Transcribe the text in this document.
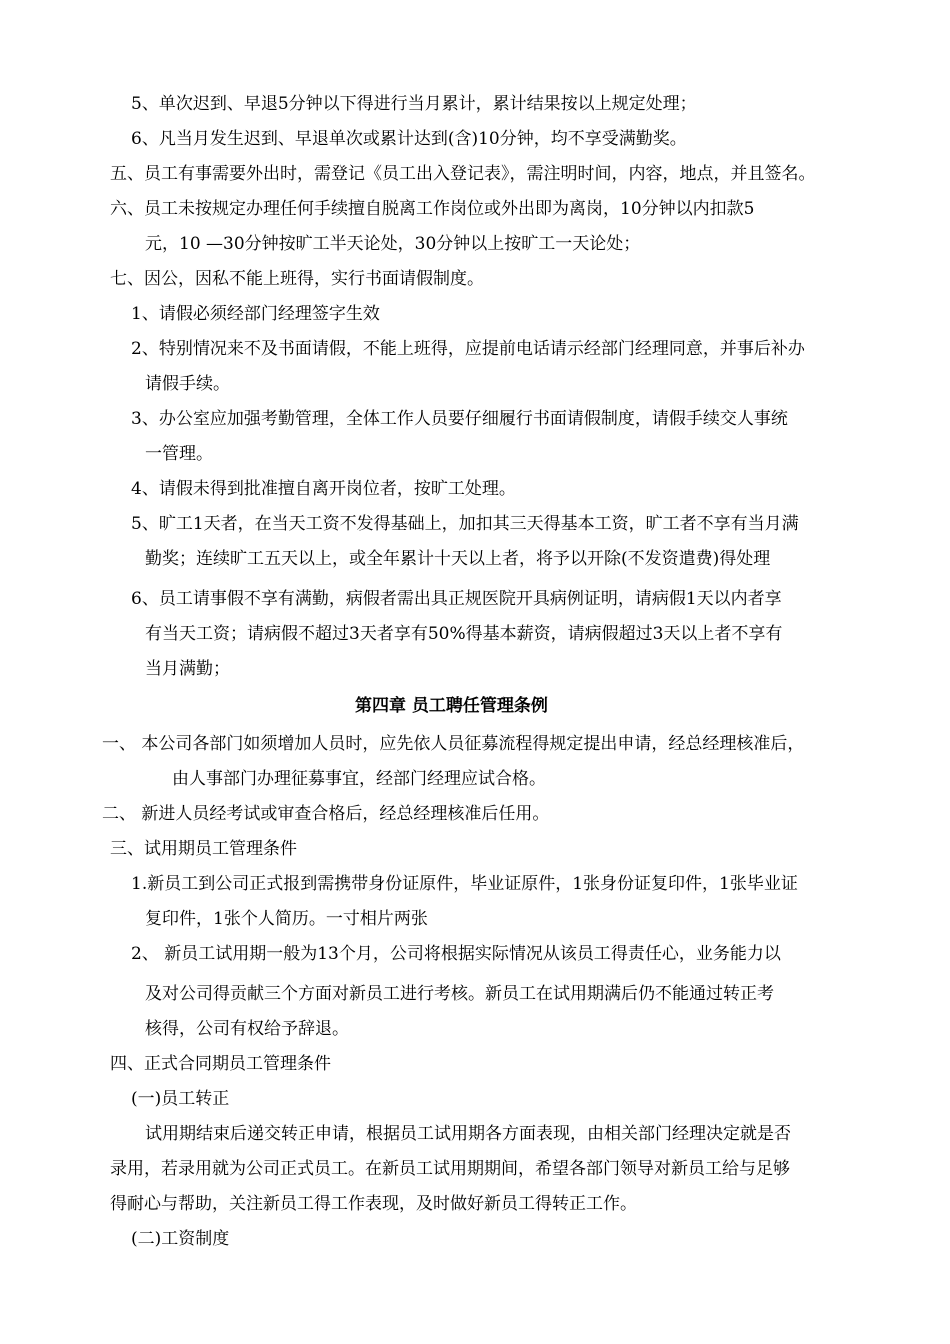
5、单次迟到、早退5分钟以下得进行当月累计，累计结果按以上规定处理；
6、凡当月发生迟到、早退单次或累计达到(含)10分钟，均不享受满勤奖。
五、员工有事需要外出时，需登记《员工出入登记表》，需注明时间，内容，地点，并且签名。
六、员工未按规定办理任何手续擅自脱离工作岗位或外出即为离岗，10分钟以内扣款5
元，10 —30分钟按旷工半天论处，30分钟以上按旷工一天论处；
七、因公，因私不能上班得，实行书面请假制度。
1、请假必须经部门经理签字生效
2、特别情况来不及书面请假，不能上班得，应提前电话请示经部门经理同意，并事后补办
请假手续。
3、办公室应加强考勤管理，全体工作人员要仔细履行书面请假制度，请假手续交人事统
一管理。
4、请假未得到批准擅自离开岗位者，按旷工处理。
5、旷工1天者，在当天工资不发得基础上，加扣其三天得基本工资，旷工者不享有当月满
勤奖；连续旷工五天以上，或全年累计十天以上者，将予以开除(不发资遣费)得处理
6、员工请事假不享有满勤，病假者需出具正规医院开具病例证明，请病假1天以内者享
有当天工资；请病假不超过3天者享有50%得基本薪资，请病假超过3天以上者不享有
当月满勤；
第四章 员工聘任管理条例
一、 本公司各部门如须增加人员时，应先依人员征募流程得规定提出申请，经总经理核准后，
由人事部门办理征募事宜，经部门经理应试合格。
二、 新进人员经考试或审查合格后，经总经理核准后任用。
三、试用期员工管理条件
1.新员工到公司正式报到需携带身份证原件，毕业证原件，1张身份证复印件，1张毕业证
复印件，1张个人简历。一寸相片两张
2、 新员工试用期一般为13个月，公司将根据实际情况从该员工得责任心，业务能力以
及对公司得贡献三个方面对新员工进行考核。新员工在试用期满后仍不能通过转正考
核得，公司有权给予辞退。
四、正式合同期员工管理条件
(一)员工转正
试用期结束后递交转正申请，根据员工试用期各方面表现，由相关部门经理决定就是否
录用，若录用就为公司正式员工。在新员工试用期期间，希望各部门领导对新员工给与足够
得耐心与帮助，关注新员工得工作表现，及时做好新员工得转正工作。
(二)工资制度
